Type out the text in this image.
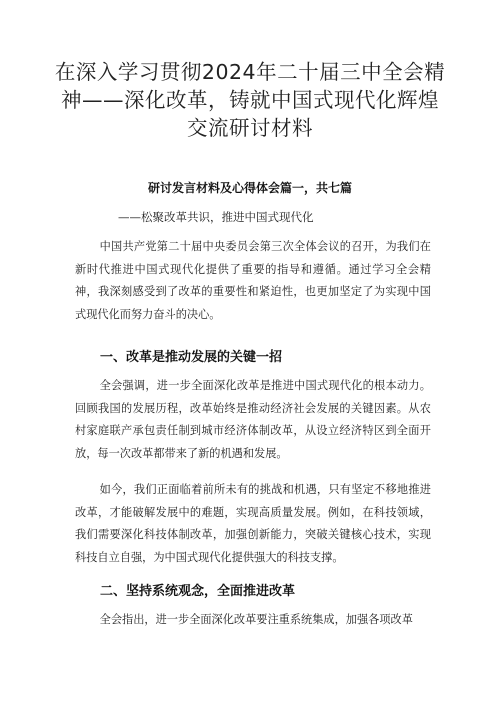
在深入学习贯彻2024年二十届三中全会精
神——深化改革，铸就中国式现代化辉煌
交流研讨材料
研讨发言材料及心得体会篇一，共七篇
——松聚改革共识，推进中国式现代化

中国共产党第二十届中央委员会第三次全体会议的召开，为我们在新时代推进中国式现代化提供了重要的指导和遵循。通过学习全会精神，我深刻感受到了改革的重要性和紧迫性，也更加坚定了为实现中国式现代化而努力奋斗的决心。

一、改革是推动发展的关键一招

全会强调，进一步全面深化改革是推进中国式现代化的根本动力。回顾我国的发展历程，改革始终是推动经济社会发展的关键因素。从农村家庭联产承包责任制到城市经济体制改革，从设立经济特区到全面开放，每一次改革都带来了新的机遇和发展。

如今，我们正面临着前所未有的挑战和机遇，只有坚定不移地推进改革，才能破解发展中的难题，实现高质量发展。例如，在科技领域，我们需要深化科技体制改革，加强创新能力，突破关键核心技术，实现科技自立自强，为中国式现代化提供强大的科技支撑。

二、坚持系统观念，全面推进改革

全会指出，进一步全面深化改革要注重系统集成，加强各项改革
